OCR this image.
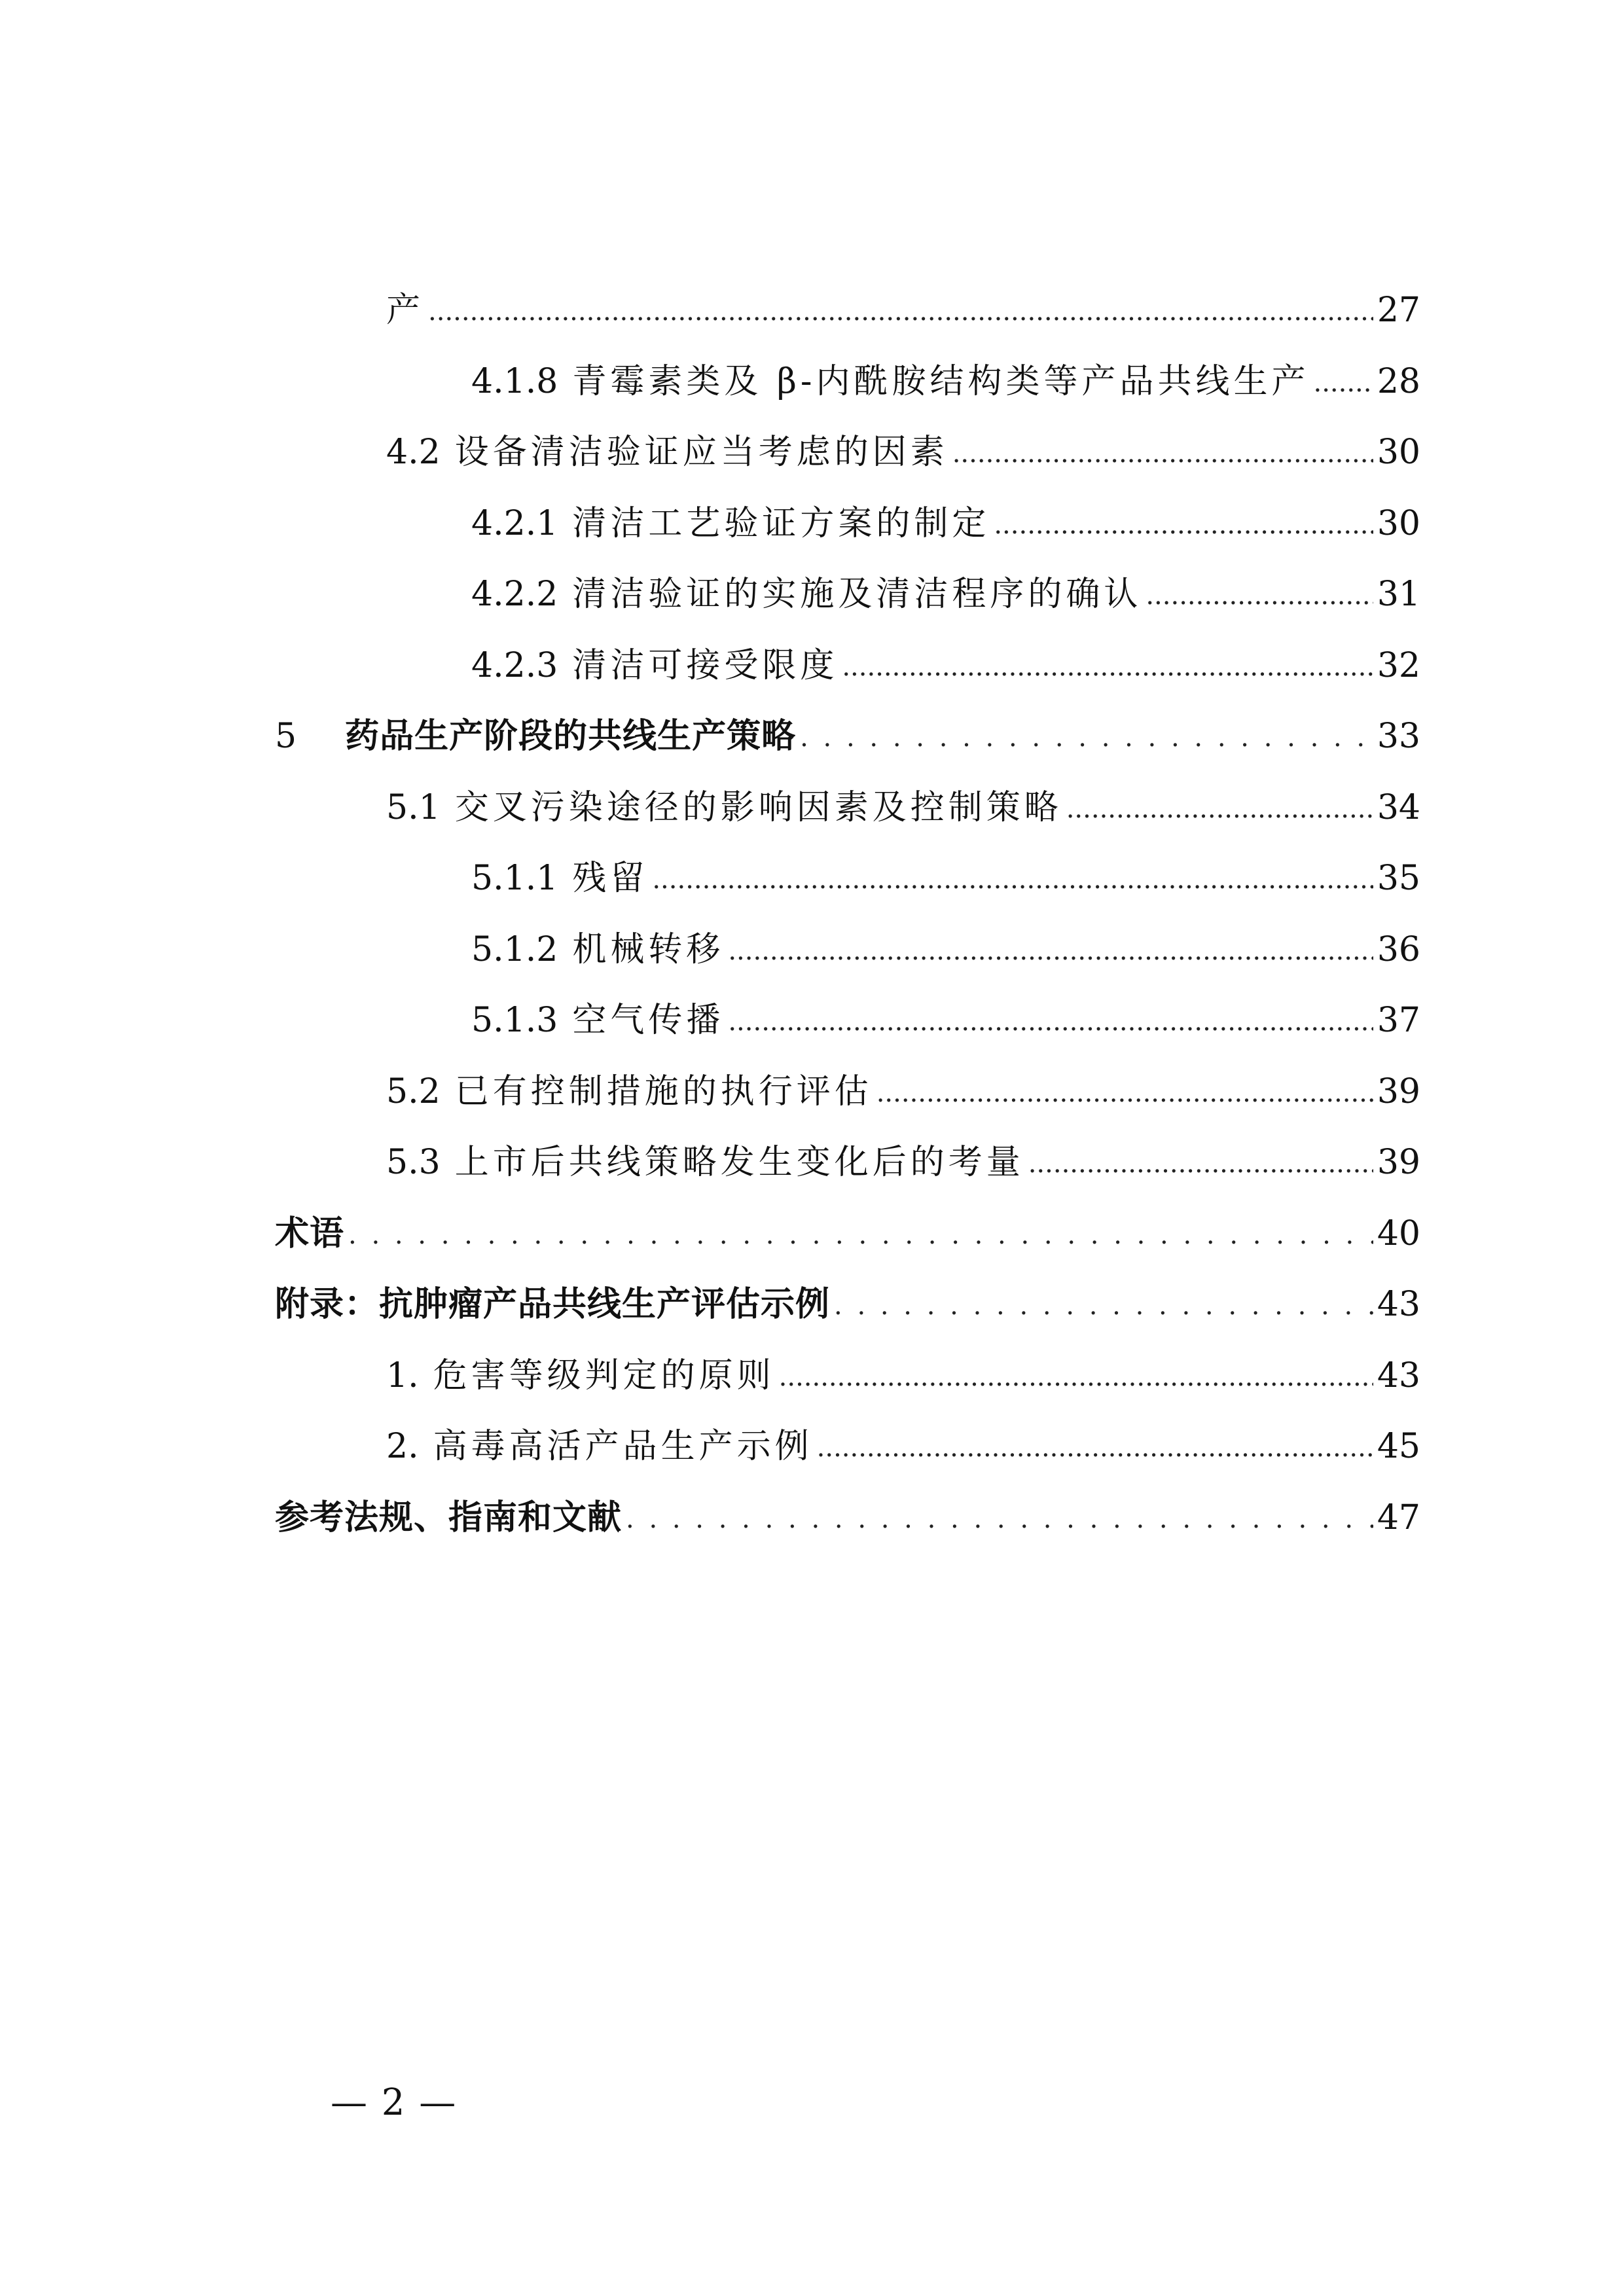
产 .....	27
4.1.8 青霉素类及 β-内酰胺结构类等产品共线生产 ..... 28
4.2 设备清洁验证应当考虑的因素 .....	30
4.2.1 清洁工艺验证方案的制定 .....	30
4.2.2 清洁验证的实施及清洁程序的确认 .....	31
4.2.3 清洁可接受限度 .....	32
5 药品生产阶段的共线生产策略 . . .	33
5.1 交叉污染途径的影响因素及控制策略 .....	34
5.1.1 残留 .....	35
5.1.2 机械转移 .....	36
5.1.3 空气传播 .....	37
5.2 已有控制措施的执行评估 .....	39
5.3 上市后共线策略发生变化后的考量 .....	39
术语 . . .	40
附录：抗肿瘤产品共线生产评估示例 . . .	43
1. 危害等级判定的原则 .....	43
2. 高毒高活产品生产示例 .....	45
参考法规、指南和文献 . . .	47
— 2 —
